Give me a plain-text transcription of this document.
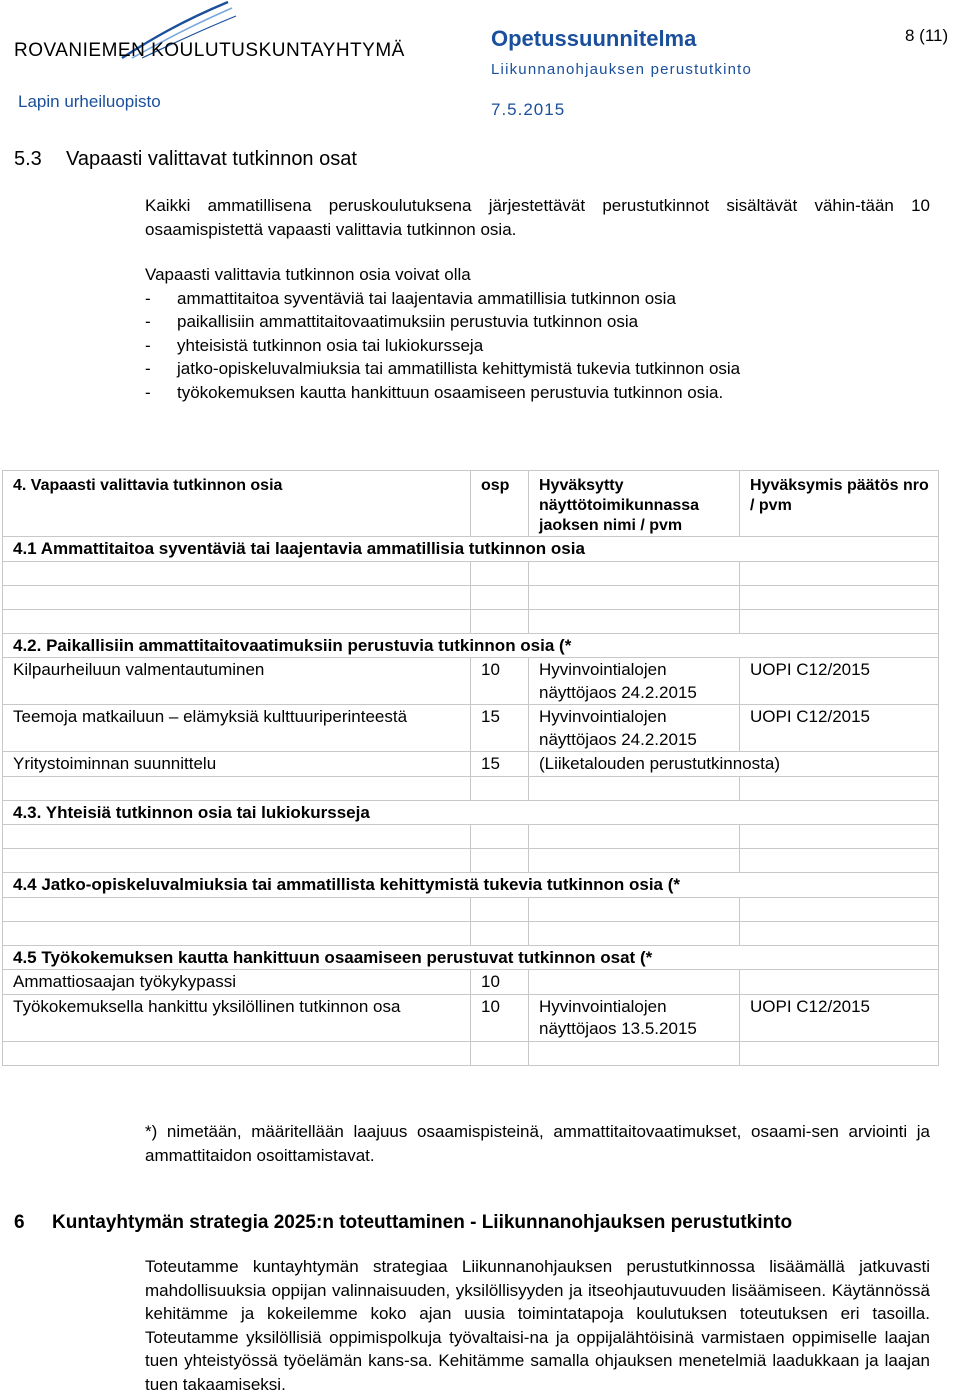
ROVANIEMEN KOULUTUSKUNTAYHTYMÄ
Lapin urheiluopisto
Opetussuunnitelma
Liikunnanohjauksen perustutkinto
7.5.2015
8 (11)
5.3 Vapaasti valittavat tutkinnon osat

Kaikki ammatillisena peruskoulutuksena järjestettävät perustutkinnot sisältävät vähin-tään 10 osaamispistettä vapaasti valittavia tutkinnon osia.

Vapaasti valittavia tutkinnon osia voivat olla

- ammattitaitoa syventäviä tai laajentavia ammatillisia tutkinnon osia
- paikallisiin ammattitaitovaatimuksiin perustuvia tutkinnon osia
- yhteisistä tutkinnon osia tai lukiokursseja
- jatko-opiskeluvalmiuksia tai ammatillista kehittymistä tukevia tutkinnon osia
- työkokemuksen kautta hankittuun osaamiseen perustuvia tutkinnon osia.
4. Vapaasti valittavia tutkinnon osia	osp	Hyväksytty näyttötoimikunnassa jaoksen nimi / pvm	Hyväksymis päätös nro / pvm
4.1 Ammattitaitoa syventäviä tai laajentavia ammatillisia tutkinnon osia			

4.2. Paikallisiin ammattitaitovaatimuksiin perustuvia tutkinnon osia (*			
Kilpaurheiluun valmentautuminen	10	Hyvinvointialojen näyttöjaos 24.2.2015	UOPI C12/2015
Teemoja matkailuun – elämyksiä kulttuuriperinteestä	15	Hyvinvointialojen näyttöjaos 24.2.2015	UOPI C12/2015
Yritystoiminnan suunnittelu	15	(Liiketalouden perustutkinnosta)	

4.3. Yhteisiä tutkinnon osia tai lukiokursseja			

4.4 Jatko-opiskeluvalmiuksia tai ammatillista kehittymistä tukevia tutkinnon osia (*			

4.5 Työkokemuksen kautta hankittuun osaamiseen perustuvat tutkinnon osat (*			
Ammattiosaajan työkykypassi	10		
Työkokemuksella hankittu yksilöllinen tutkinnon osa	10	Hyvinvointialojen näyttöjaos 13.5.2015	UOPI C12/2015

*) nimetään, määritellään laajuus osaamispisteinä, ammattitaitovaatimukset, osaami-sen arviointi ja ammattitaidon osoittamistavat.
6 Kuntayhtymän strategia 2025:n toteuttaminen - Liikunnanohjauksen perustutkinto
Toteutamme kuntayhtymän strategiaa Liikunnanohjauksen perustutkinnossa lisäämällä jatkuvasti mahdollisuuksia oppijan valinnaisuuden, yksilöllisyyden ja itseohjautuvuuden lisäämiseen. Käytännössä kehitämme ja kokeilemme koko ajan uusia toimintatapoja koulutuksen toteutuksen eri tasoilla. Toteutamme yksilöllisiä oppimispolkuja työvaltaisi-na ja oppijalähtöisinä varmistaen oppimiselle laajan tuen yhteistyössä työelämän kans-sa. Kehitämme samalla ohjauksen menetelmiä laadukkaan ja laajan tuen takaamiseksi.
